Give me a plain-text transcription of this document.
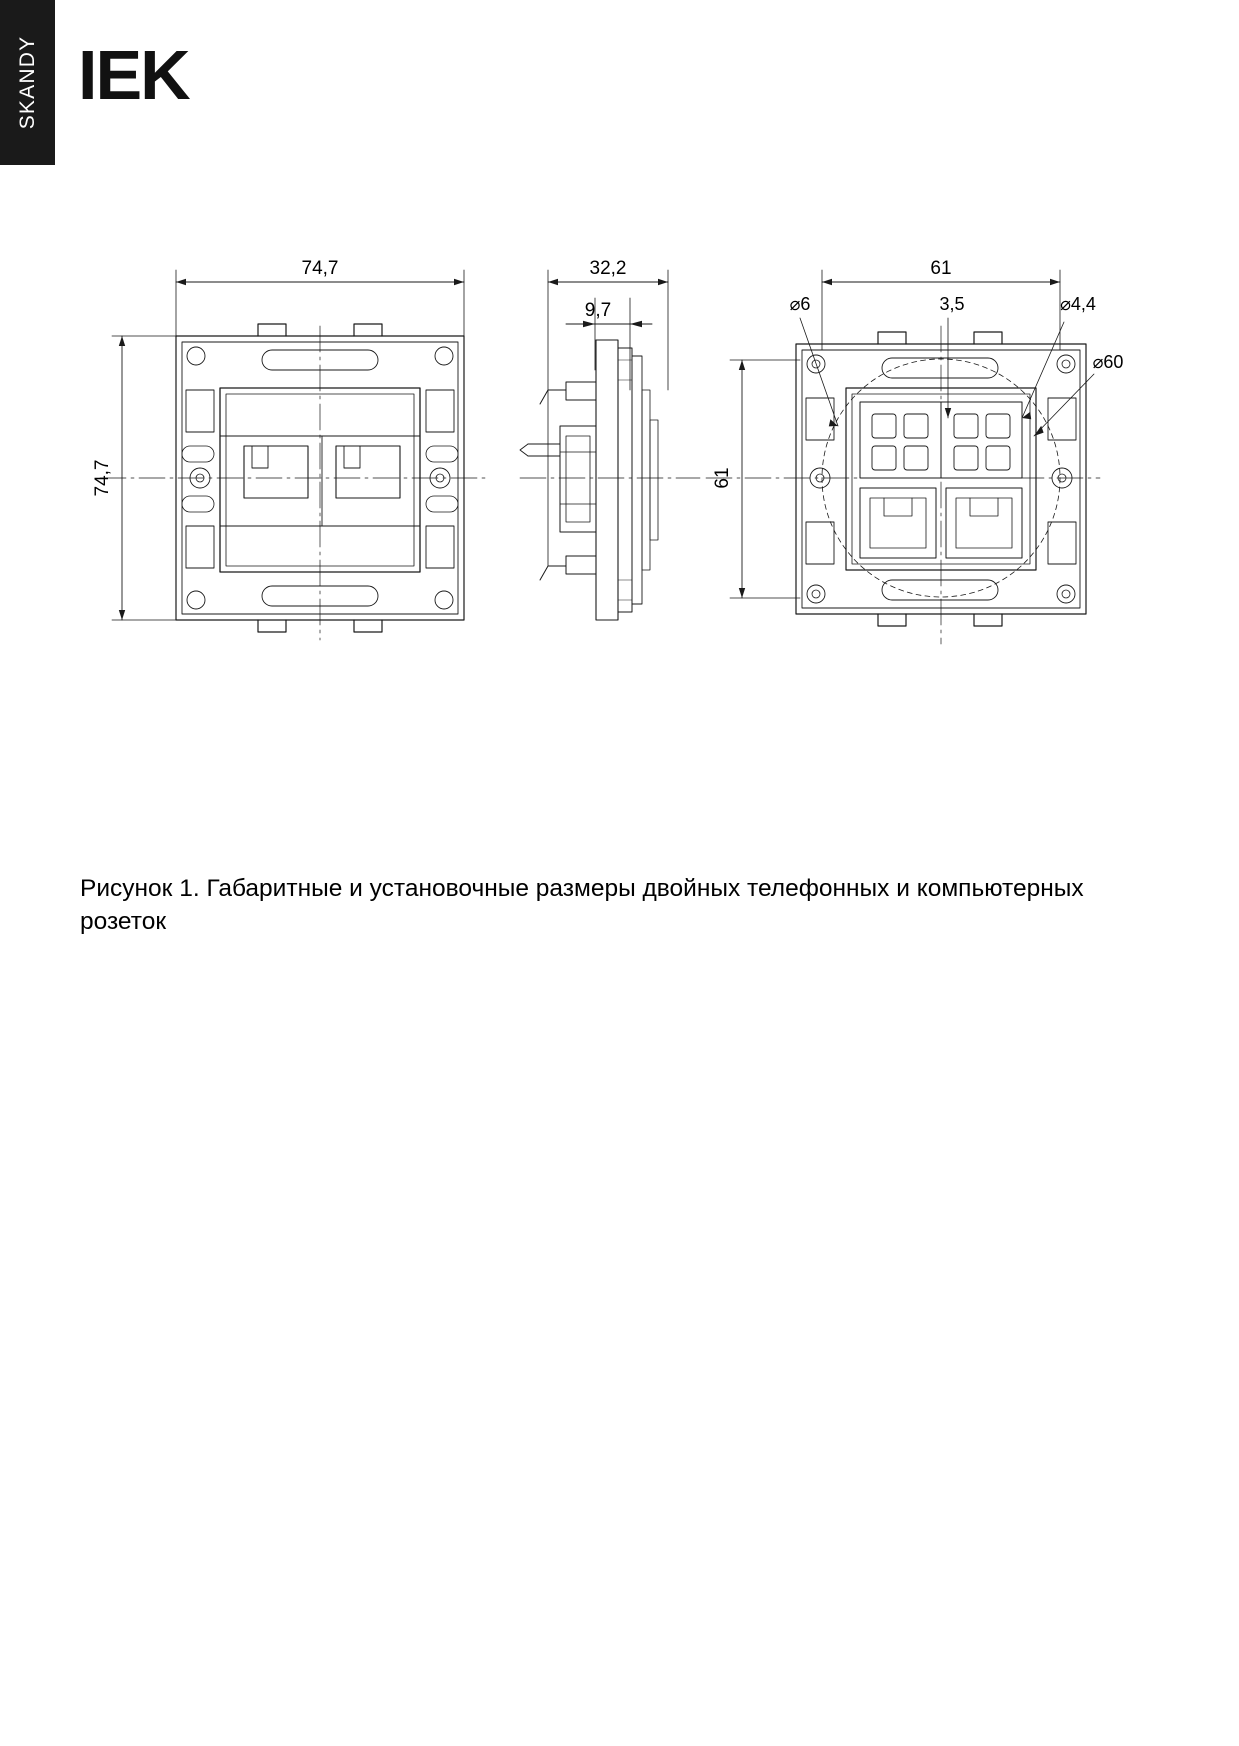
SKANDY IEK
74,7
74,7
32,2
9,7
61
61
⌀6	3,5	⌀4,4
⌀60
Рисунок 1. Габаритные и установочные размеры двойных телефонных и компьютерных розеток
